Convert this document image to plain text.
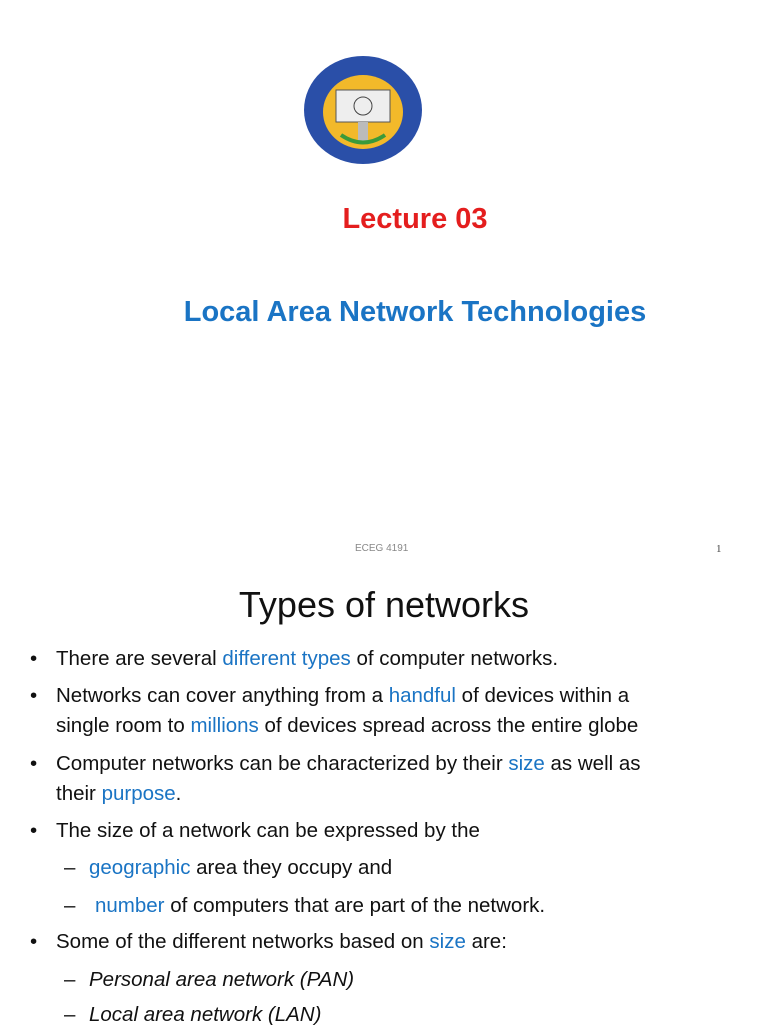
Lecture 03
Local Area Network Technologies
ECEG 4191	1
Types of networks
• There are several different types of computer networks.
• Networks can cover anything from a handful of devices within a
single room to millions of devices spread across the entire globe
• Computer networks can be characterized by their size as well as
their purpose.
• The size of a network can be expressed by the
– geographic area they occupy and
– number of computers that are part of the network.
• Some of the different networks based on size are:
– Personal area network (PAN)
– Local area network (LAN)
